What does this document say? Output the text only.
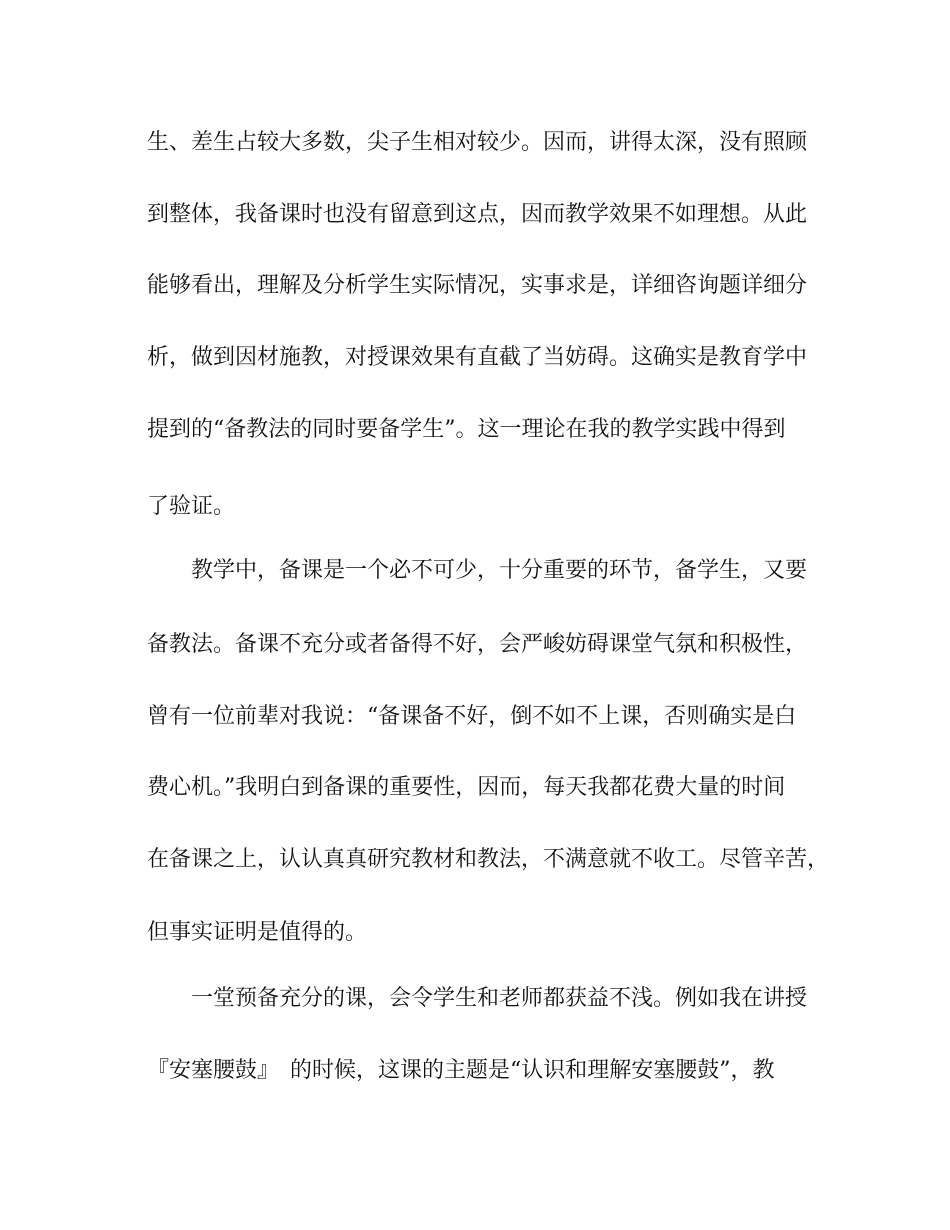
生、差生占较大多数，尖子生相对较少。因而，讲得太深，没有照顾
到整体，我备课时也没有留意到这点，因而教学效果不如理想。从此
能够看出，理解及分析学生实际情况，实事求是，详细咨询题详细分
析，做到因材施教，对授课效果有直截了当妨碍。这确实是教育学中
提到的“备教法的同时要备学生”。这一理论在我的教学实践中得到
了验证。
教学中，备课是一个必不可少，十分重要的环节，备学生，又要
备教法。备课不充分或者备得不好，会严峻妨碍课堂气氛和积极性，
曾有一位前辈对我说：“备课备不好，倒不如不上课，否则确实是白
费心机。”我明白到备课的重要性，因而，每天我都花费大量的时间
在备课之上，认认真真研究教材和教法，不满意就不收工。尽管辛苦，
但事实证明是值得的。
一堂预备充分的课，会令学生和老师都获益不浅。例如我在讲授
『安塞腰鼓』　的时候，这课的主题是“认识和理解安塞腰鼓”，教
